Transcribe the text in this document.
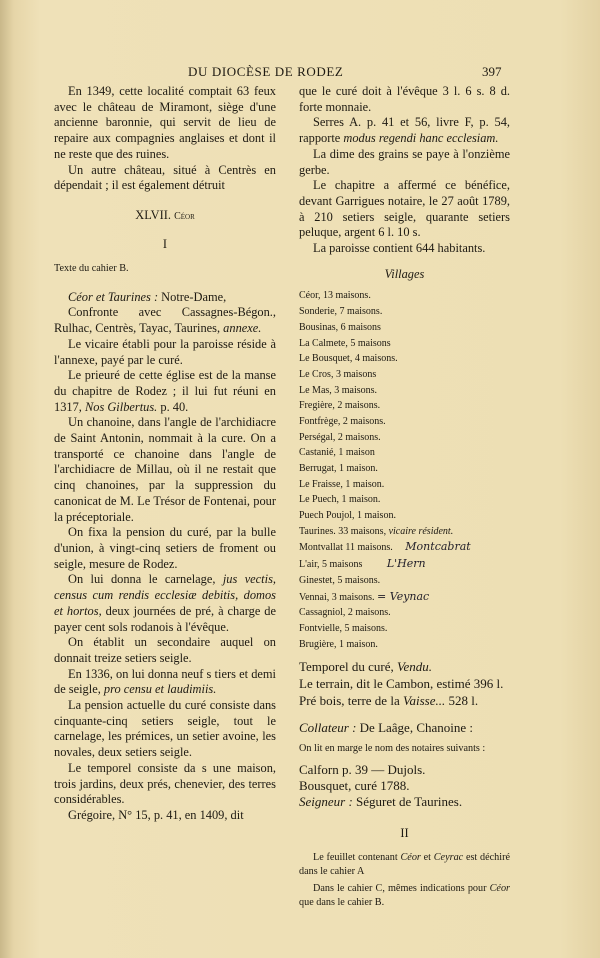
DU DIOCÈSE DE RODEZ	397

En 1349, cette localité comptait 63 feux avec le château de Miramont, siège d'une ancienne baronnie, qui servit de lieu de repaire aux compagnies anglaises et dont il ne reste que des ruines.

Un autre château, situé à Centrès en dépendait ; il est également détruit

XLVII. Céor

I

Texte du cahier B.

Céor et Taurines : Notre-Dame,

Confronte avec Cassagnes-Bégon., Rulhac, Centrès, Tayac, Taurines, annexe.

Le vicaire établi pour la paroisse réside à l'annexe, payé par le curé.

Le prieuré de cette église est de la manse du chapitre de Rodez ; il lui fut réuni en 1317, Nos Gilbertus. p. 40.

Un chanoine, dans l'angle de l'archidiacre de Saint Antonin, nommait à la cure. On a transporté ce chanoine dans l'angle de l'archidiacre de Millau, où il ne restait que cinq chanoines, par la suppression du canonicat de M. Le Trésor de Fontenai, pour la préceptoriale.

On fixa la pension du curé, par la bulle d'union, à vingt-cinq setiers de froment ou seigle, mesure de Rodez.

On lui donna le carnelage, jus vectis, census cum rendis ecclesiæ debitis, domos et hortos, deux journées de pré, à charge de payer cent sols rodanois à l'évêque.

On établit un secondaire auquel on donnait treize setiers seigle.

En 1336, on lui donna neuf s tiers et demi de seigle, pro censu et laudimiis.

La pension actuelle du curé consiste dans cinquante-cinq setiers seigle, tout le carnelage, les prémices, un setier avoine, les novales, deux setiers seigle.

Le temporel consiste da s une maison, trois jardins, deux prés, chenevier, des terres considérables.

Grégoire, N° 15, p. 41, en 1409, dit

que le curé doit à l'évêque 3 l. 6 s. 8 d. forte monnaie.

Serres A. p. 41 et 56, livre F, p. 54, rapporte modus regendi hanc ecclesiam.

La dime des grains se paye à l'onzième gerbe.

Le chapitre a affermé ce bénéfice, devant Garrigues notaire, le 27 août 1789, à 210 setiers seigle, quarante setiers peluque, argent 6 l. 10 s.

La paroisse contient 644 habitants.

Villages

Céor, 13 maisons.

Sonderie, 7 maisons.

Bousinas, 6 maisons

La Calmete, 5 maisons

Le Bousquet, 4 maisons.

Le Cros, 3 maisons

Le Mas, 3 maisons.

Fregière, 2 maisons.

Fontfrège, 2 maisons.

Perségal, 2 maisons.

Castanié, 1 maison

Berrugat, 1 maison.

Le Fraisse, 1 maison.

Le Puech, 1 maison.

Puech Poujol, 1 maison.

Taurines. 33 maisons, vicaire résident.

Montvallat 11 maisons. Montcabrat

L'air, 5 maisons L'Hern

Ginestet, 5 maisons.

Vennai, 3 maisons. = Veynac

Cassagniol, 2 maisons.

Fontvielle, 5 maisons.

Brugière, 1 maison.

Temporel du curé, Vendu.

Le terrain, dit le Cambon, estimé 396 l.

Pré bois, terre de la Vaisse... 528 l.

Collateur : De Laâge, Chanoine :

On lit en marge le nom des notaires suivants :

Calforn p. 39 — Dujols.

Bousquet, curé 1788.

Seigneur : Séguret de Taurines.

II

Le feuillet contenant Céor et Ceyrac est déchiré dans le cahier A

Dans le cahier C, mêmes indications pour Céor que dans le cahier B.
